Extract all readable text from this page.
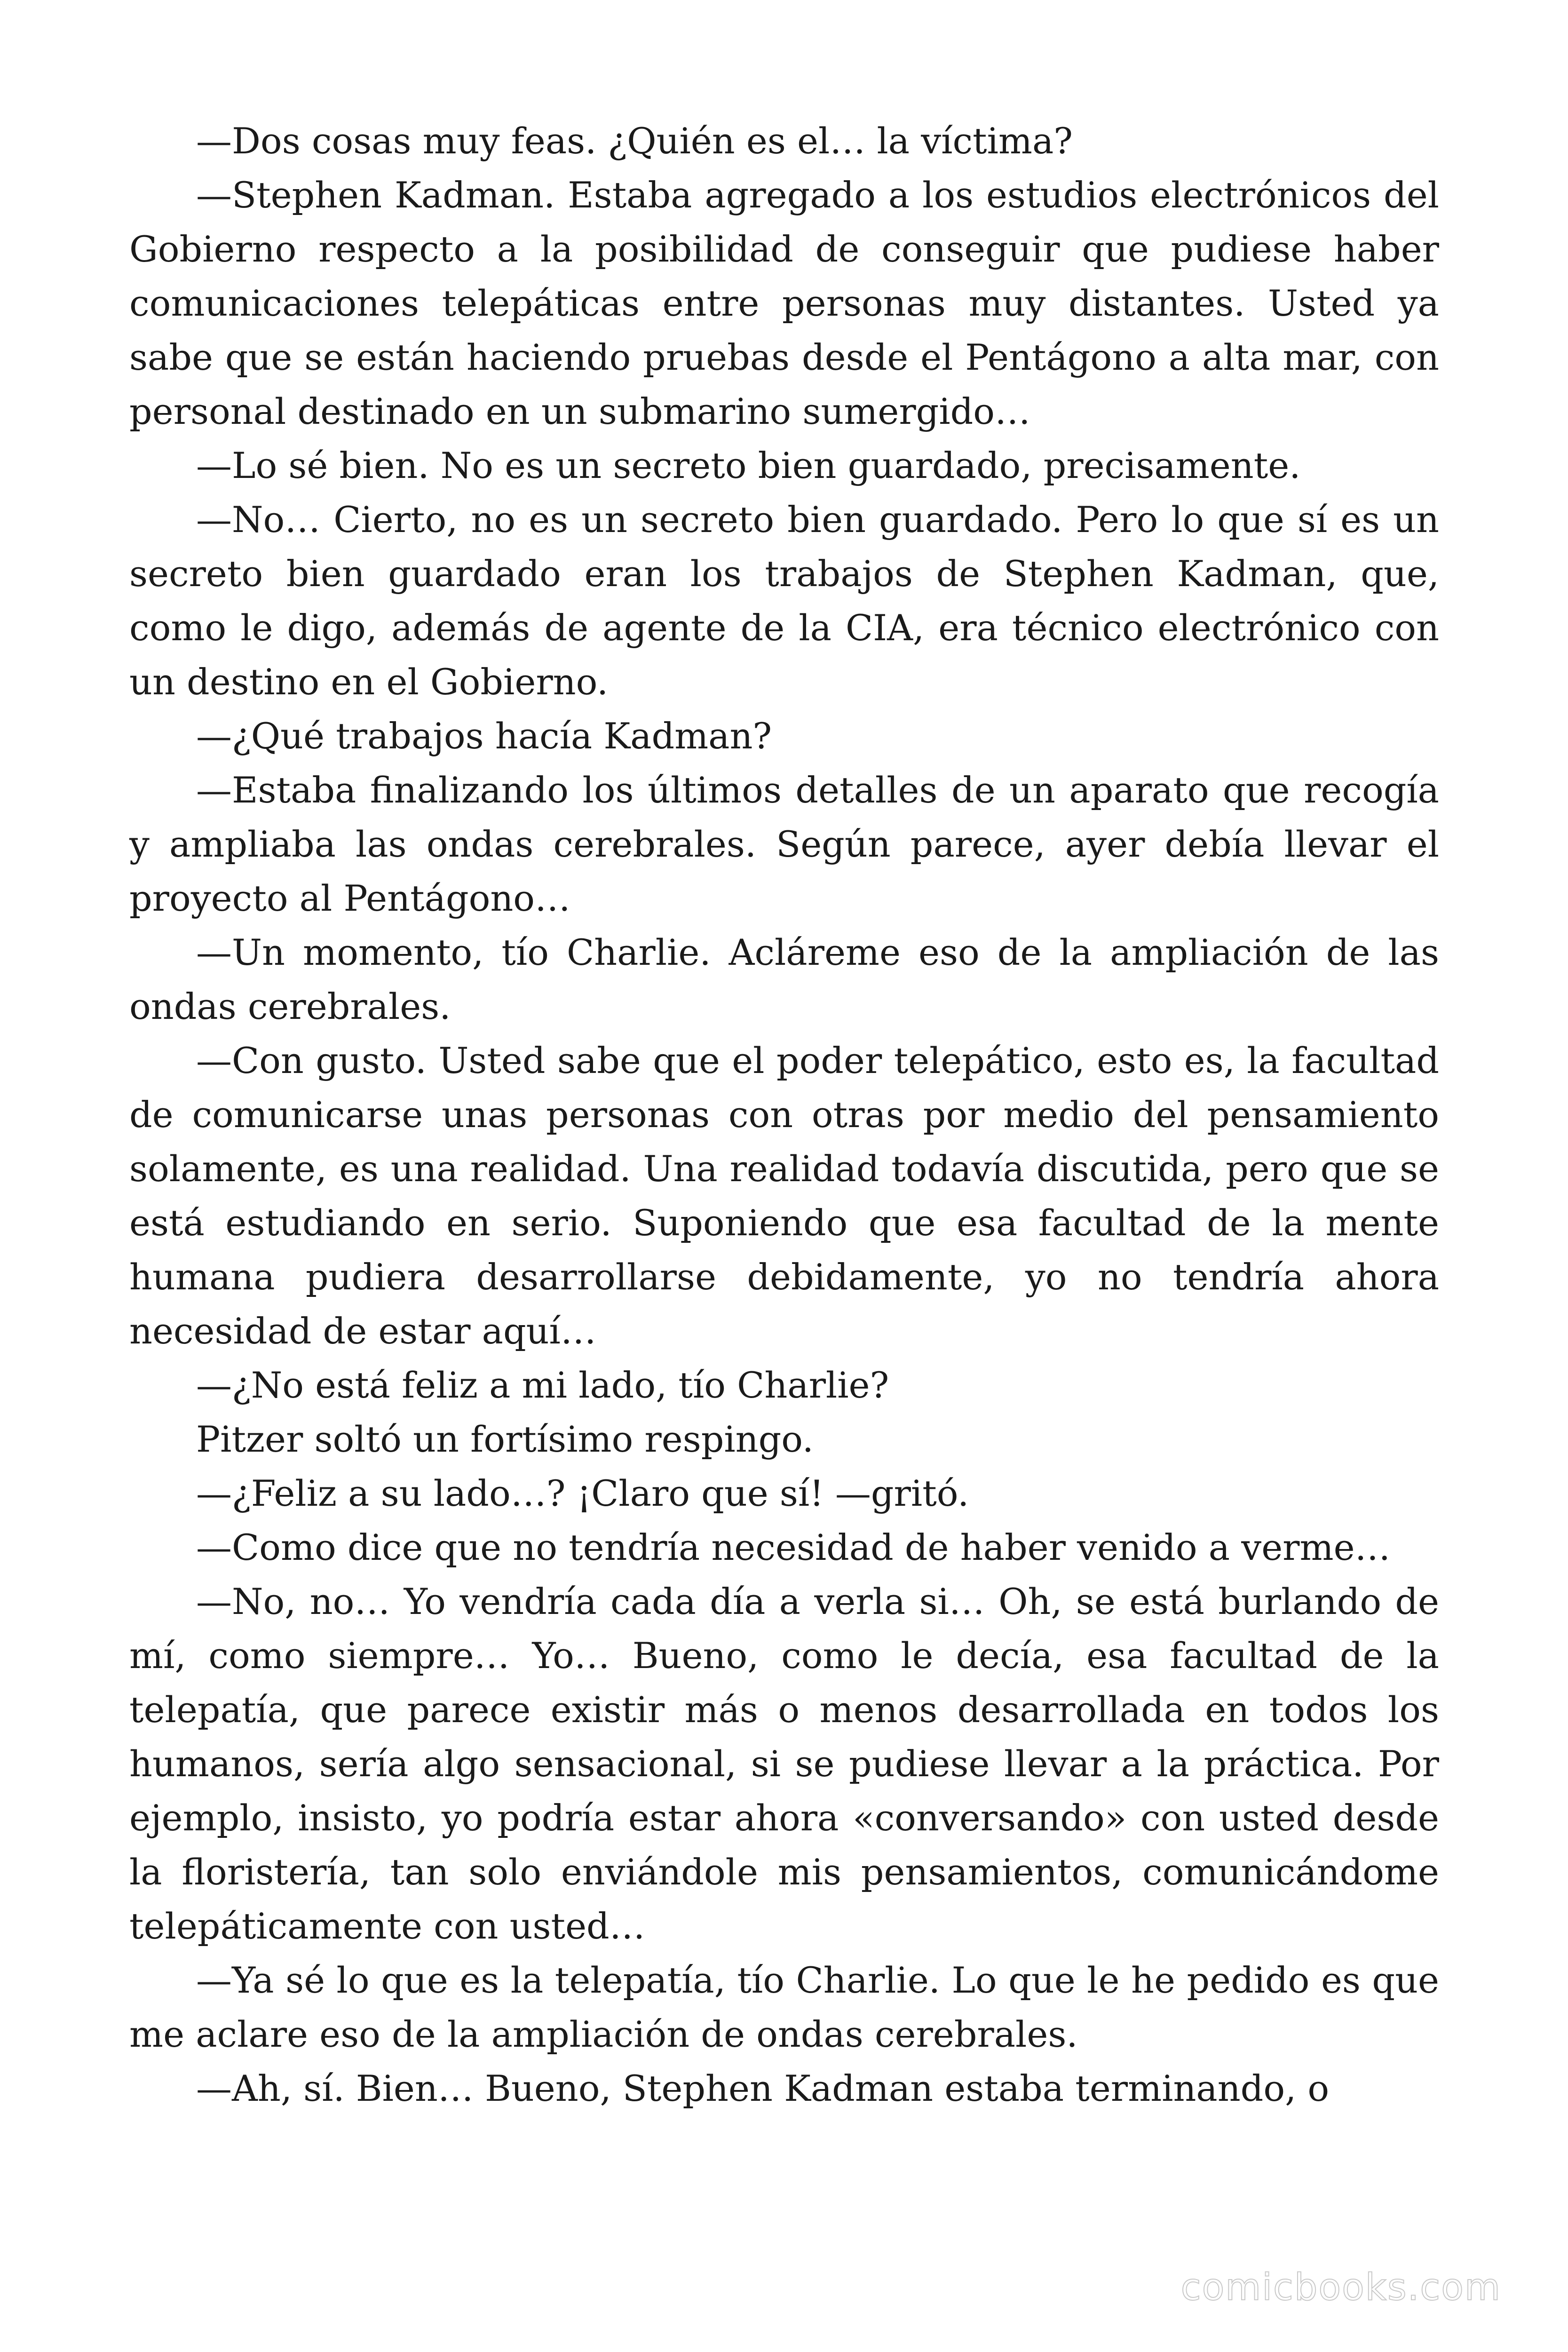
—Dos cosas muy feas. ¿Quién es el… la víctima?

—Stephen Kadman. Estaba agregado a los estudios electrónicos del Gobierno respecto a la posibilidad de conseguir que pudiese haber comunicaciones telepáticas entre personas muy distantes. Usted ya sabe que se están haciendo pruebas desde el Pentágono a alta mar, con personal destinado en un submarino sumergido…

—Lo sé bien. No es un secreto bien guardado, precisamente.

—No… Cierto, no es un secreto bien guardado. Pero lo que sí es un secreto bien guardado eran los trabajos de Stephen Kadman, que, como le digo, además de agente de la CIA, era técnico electrónico con un destino en el Gobierno.

—¿Qué trabajos hacía Kadman?

—Estaba finalizando los últimos detalles de un aparato que recogía y ampliaba las ondas cerebrales. Según parece, ayer debía llevar el proyecto al Pentágono…

—Un momento, tío Charlie. Acláreme eso de la ampliación de las ondas cerebrales.

—Con gusto. Usted sabe que el poder telepático, esto es, la facultad de comunicarse unas personas con otras por medio del pensamiento solamente, es una realidad. Una realidad todavía discutida, pero que se está estudiando en serio. Suponiendo que esa facultad de la mente humana pudiera desarrollarse debidamente, yo no tendría ahora necesidad de estar aquí…

—¿No está feliz a mi lado, tío Charlie?

Pitzer soltó un fortísimo respingo.

—¿Feliz a su lado…? ¡Claro que sí! —gritó.

—Como dice que no tendría necesidad de haber venido a verme…

—No, no… Yo vendría cada día a verla si… Oh, se está burlando de mí, como siempre… Yo… Bueno, como le decía, esa facultad de la telepatía, que parece existir más o menos desarrollada en todos los humanos, sería algo sensacional, si se pudiese llevar a la práctica. Por ejemplo, insisto, yo podría estar ahora «conversando» con usted desde la floristería, tan solo enviándole mis pensamientos, comunicándome telepáticamente con usted…

—Ya sé lo que es la telepatía, tío Charlie. Lo que le he pedido es que me aclare eso de la ampliación de ondas cerebrales.

—Ah, sí. Bien… Bueno, Stephen Kadman estaba terminando, o

comicbooks.com
